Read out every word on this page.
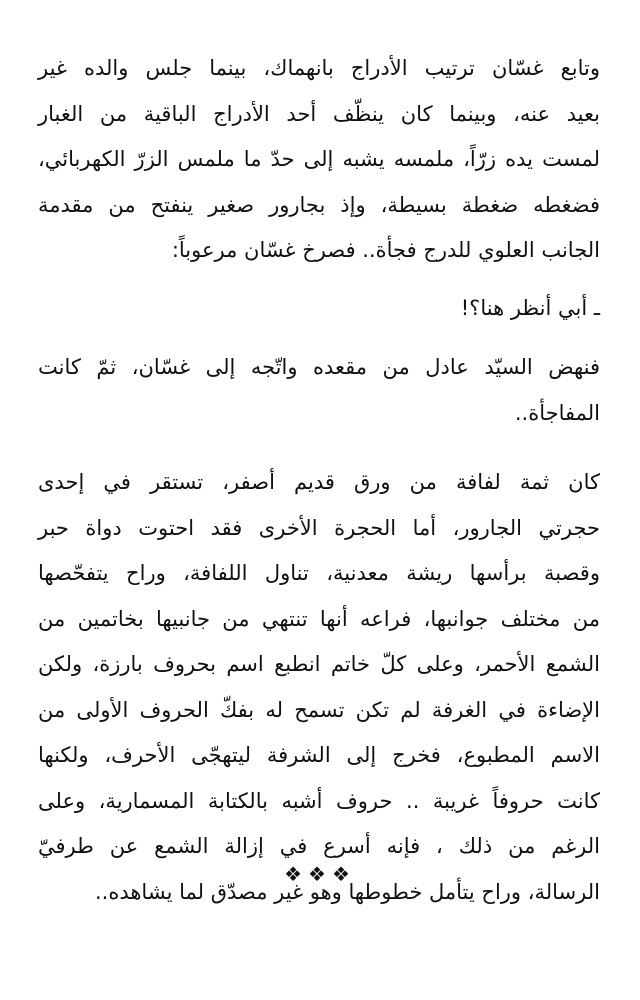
وتابع غسّان ترتيب الأدراج بانهماك، بينما جلس والده غير
بعيد عنه، وبينما كان ينظّف أحد الأدراج الباقية من الغبار
لمست يده زرّاً، ملمسه يشبه إلى حدّ ما ملمس الزرّ الكهربائي،
فضغطه ضغطة بسيطة، وإذ بجارور صغير ينفتح من مقدمة
الجانب العلوي للدرج فجأة.. فصرخ غسّان مرعوباً:

ـ أبي أنظر هنا؟!

فنهض السيّد عادل من مقعده واتّجه إلى غسّان، ثمّ كانت
المفاجأة..

كان ثمة لفافة من ورق قديم أصفر، تستقر في إحدى
حجرتي الجارور، أما الحجرة الأخرى فقد احتوت دواة حبر
وقصبة برأسها ريشة معدنية، تناول اللفافة، وراح يتفحّصها
من مختلف جوانبها، فراعه أنها تنتهي من جانبيها بخاتمين من
الشمع الأحمر، وعلى كلّ خاتم انطبع اسم بحروف بارزة، ولكن
الإضاءة في الغرفة لم تكن تسمح له بفكّ الحروف الأولى من
الاسم المطبوع، فخرج إلى الشرفة ليتهجّى الأحرف، ولكنها
كانت حروفاً غريبة .. حروف أشبه بالكتابة المسمارية، وعلى
الرغم من ذلك ، فإنه أسرع في إزالة الشمع عن طرفيّ
الرسالة، وراح يتأمل خطوطها وهو غير مصدّق لما يشاهده..

❖❖❖
